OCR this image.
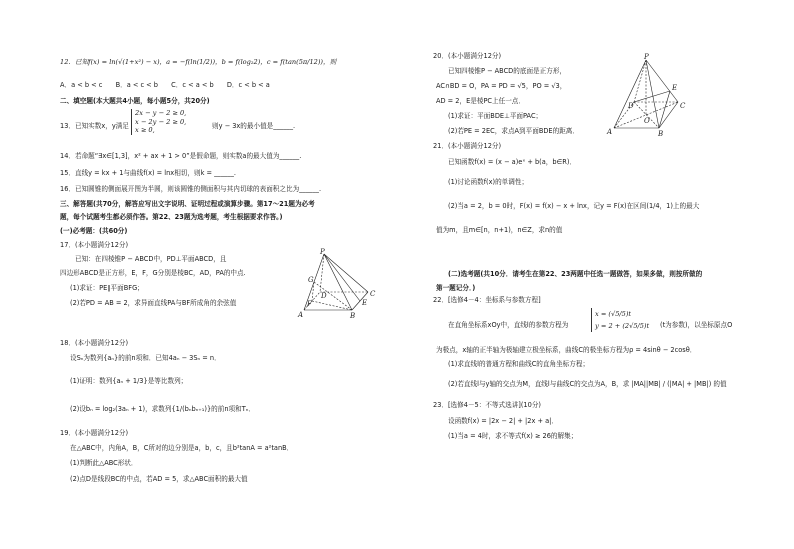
12．已知f(x) = ln(√(1+x²) − x)，a = −f(ln(1/2))，b = f(log₂2)，c = f(tan(5π/12))，则
A．a < b < c　　B．a < c < b　　C．c < a < b　　D．c < b < a
二、填空题(本大题共4小题，每小题5分，共20分)
13．已知实数x，y满足
2x − y − 2 ≥ 0,
x − 2y − 2 ≥ 0,
x ≥ 0,	则y − 3x的最小值是______.
14．若命题“∃x∈[1,3]，x² + ax + 1 > 0”是假命题，则实数a的最大值为______.
15．直线y = kx + 1与曲线f(x) = lnx相切，则k = ______.
16．已知圆锥的侧面展开图为半圆，则该圆锥的侧面积与其内切球的表面积之比为______.
三、解答题(共70分，解答应写出文字说明、证明过程或演算步骤。第17～21题为必考
题，每个试题考生都必须作答。第22、23题为选考题，考生根据要求作答。)
(一)必考题：(共60分)
17．(本小题满分12分)
已知：在四棱锥P − ABCD中，PD⊥平面ABCD，且
四边形ABCD是正方形，E，F，G分别是棱BC，AD，PA的中点.
(1)求证：PE∥平面BFG；
(2)若PD = AB = 2，求异面直线PA与BF所成角的余弦值
18．(本小题满分12分)
设Sₙ为数列{aₙ}的前n项和．已知4aₙ − 3Sₙ = n．
(1)证明：数列{aₙ + 1/3}是等比数列；
(2)设bₙ = log₂(3aₙ + 1)，求数列{1/(bₙbₙ₊₁)}的前n项和Tₙ．
19．(本小题满分12分)
在△ABC中，内角A，B，C所对的边分别是a，b，c，且b²tanA = a²tanB．
(1)判断此△ABC形状．
(2)点D是线段BC的中点，若AD = 5，求△ABC面积的最大值
P
A	B
C
D
E
F
G
20．(本小题满分12分)
已知四棱锥P − ABCD的底面是正方形，
AC∩BD = O，PA = PD = √5，PO = √3，
AD = 2，E是棱PC上任一点．
(1)求证：平面BDE⊥平面PAC；
(2)若PE = 2EC，求点A到平面BDE的距离．
21．(本小题满分12分)
已知函数f(x) = (x − a)eˣ + b(a，b∈R)．
(1)讨论函数f(x)的单调性；
(2)当a = 2，b = 0时，F(x) = f(x) − x + lnx，记y = F(x)在区间(1/4，1)上的最大
值为m，且m∈[n，n+1)，n∈Z，求n的值
(二)选考题(共10分．请考生在第22、23两题中任选一题做答，如果多做，则按所做的
第一题记分．)
22．[选修4－4：坐标系与参数方程]
在直角坐标系xOy中，直线l的参数方程为
x = (√5/5)t
y = 2 + (2√5/5)t (t为参数)，以坐标原点O
为极点，x轴的正半轴为极轴建立极坐标系，曲线C的极坐标方程为ρ = 4sinθ − 2cosθ．
(1)求直线l的普通方程和曲线C的直角坐标方程；
(2)若直线l与y轴的交点为M，直线l与曲线C的交点为A，B，求 |MA||MB| / (|MA| + |MB|) 的值
23．[选修4－5：不等式选讲](10分)
设函数f(x) = |2x − 2| + |2x + a|．
(1)当a = 4时，求不等式f(x) ≥ 26的解集；
P
A	B
C
D
E
O
